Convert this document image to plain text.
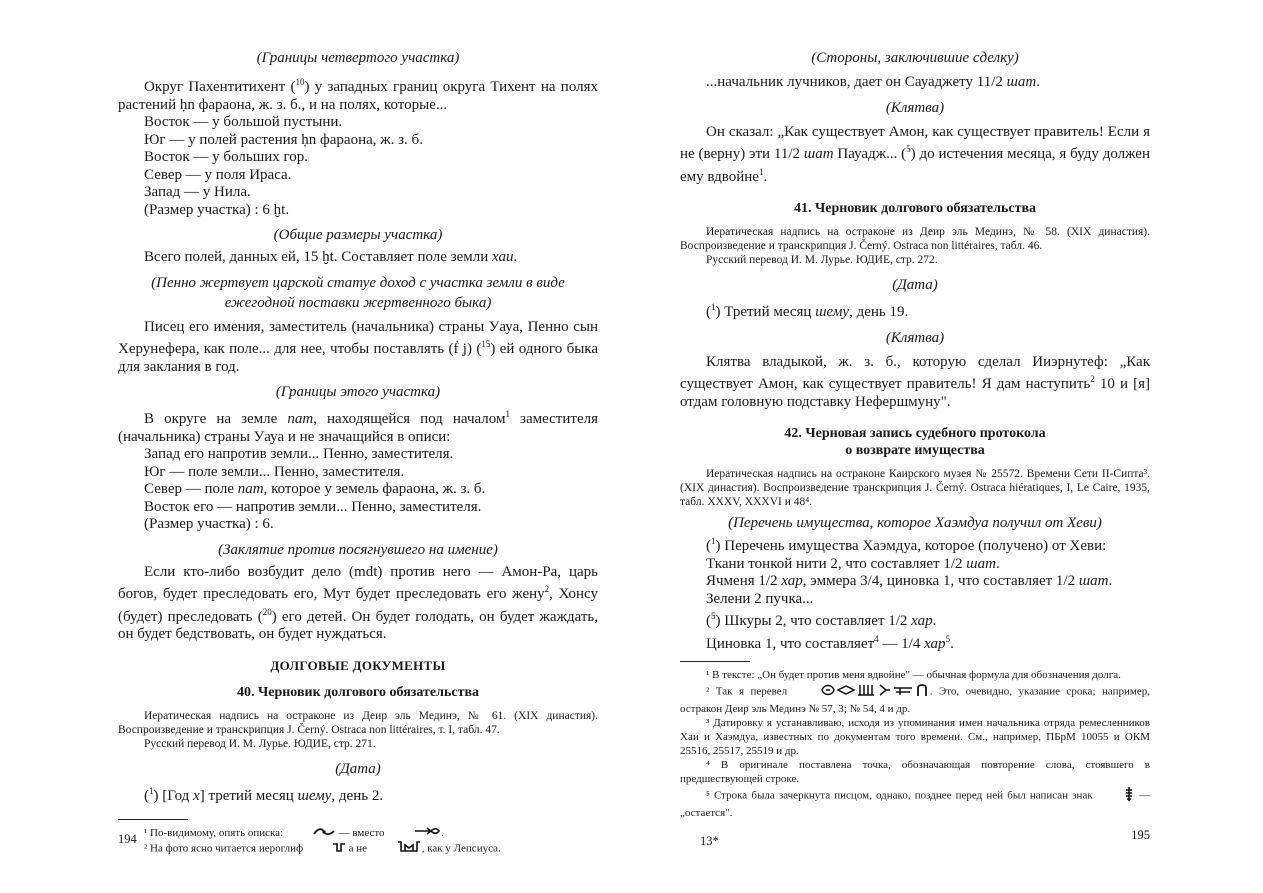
(Границы четвертого участка)

Округ Пахентитихент ($^{10}$) у западных границ округа Тихент на полях растений ḥn фараона, ж. з. б., и на полях, которые...

Восток — у большой пустыни.

Юг — у полей растения ḥn фараона, ж. з. б.

Восток — у больших гор.

Север — у поля Ираса.

Запад — у Нила.

(Размер участка) : 6 ḫt.

(Общие размеры участка)

Всего полей, данных ей, 15 ḫt. Составляет поле земли хаи.

(Пенно жертвует царской статуе доход с участка земли в виде ежегодной поставки жертвенного быка)

Писец его имения, заместитель (начальника) страны Уауа, Пенно сын Херунефера, как поле... для нее, чтобы поставлять (ḟ j) ($^{15}$) ей одного быка для заклания в год.

(Границы этого участка)

В округе на земле пат, находящейся под началом$^1$ заместителя (начальника) страны Уауа и не значащийся в описи:

Запад его напротив земли... Пенно, заместителя.

Юг — поле земли... Пенно, заместителя.

Север — поле пат, которое у земель фараона, ж. з. б.

Восток его — напротив земли... Пенно, заместителя.

(Размер участка) : 6.

(Заклятие против посягнувшего на имение)

Если кто-либо возбудит дело (mdt) против него — Амон-Ра, царь богов, будет преследовать его, Мут будет преследовать его жену$^2$, Хонсу (будет) преследовать ($^{20}$) его детей. Он будет голодать, он будет жаждать, он будет бедствовать, он будет нуждаться.

ДОЛГОВЫЕ ДОКУМЕНТЫ

40. Черновик долгового обязательства

Иератическая надпись на остраконе из Деир эль Мединэ, № 61. (XIX династия). Воспроизведение и транскрипция J. Černý. Ostraca non littéraires, т. I, табл. 47.

Русский перевод И. М. Лурье. ЮДИЕ, стр. 271.

(Дата)

($^1$) [Год x] третий месяц шему, день 2.

¹ По-видимому, опять описка:	— вместо	.

² На фото ясно читается иероглиф	а не	, как у Лепсиуса.

194

(Стороны, заключившие сделку)

...начальник лучников, дает он Сауаджету 11/2 шат.

(Клятва)

Он сказал: „Как существует Амон, как существует правитель! Если я не (верну) эти 11/2 шат Пауадж... ($^5$) до истечения месяца, я буду должен ему вдвойне$^1$.

41. Черновик долгового обязательства

Иератическая надпись на остраконе из Деир эль Мединэ, № 58. (XIX династия). Воспроизведение и транскрипция J. Černý. Ostraca non littéraires, табл. 46.

Русский перевод И. М. Лурье. ЮДИЕ, стр. 272.

(Дата)

($^1$) Третий месяц шему, день 19.

(Клятва)

Клятва владыкой, ж. з. б., которую сделал Ииэрнутеф: „Как существует Амон, как существует правитель! Я дам наступить$^2$ 10 и [я] отдам головную подставку Нефершмуну".

42. Черновая запись судебного протокола

о возврате имущества

Иератическая надпись на остраконе Каирского музея № 25572. Времени Сети II-Сипта³. (XIX династия). Воспроизведение транскрипция J. Černý. Ostraca hiératiques, I, Le Caire, 1935, табл. XXXV, XXXVI и 48⁴.

(Перечень имущества, которое Хаэмдуа получил от Хеви)

($^1$) Перечень имущества Хаэмдуа, которое (получено) от Хеви:

Ткани тонкой нити 2, что составляет 1/2 шат.

Ячменя 1/2 хар, эммера 3/4, циновка 1, что составляет 1/2 шат.

Зелени 2 пучка...

($^5$) Шкуры 2, что составляет 1/2 хар.

Циновка 1, что составляет$^4$ — 1/4 хар$^5$.

¹ В тексте: „Он будет против меня вдвойне" — обычная формула для обозначения долга.

² Так я перевел	. Это, очевидно, указание срока; например, остракон Деир эль Мединэ № 57, 3; № 54, 4 и др.

³ Датировку я устанавливаю, исходя из упоминания имен начальника отряда ремесленников Хаи и Хаэмдуа, известных по документам того времени. См., например, ПБрМ 10055 и ОКМ 25516, 25517, 25519 и др.

⁴ В оригинале поставлена точка, обозначающая повторение слова, стоявшего в предшествующей строке.

⁵ Строка была зачеркнута писцом, однако, позднее перед ней был написан знак	— „остается".

13*	195
